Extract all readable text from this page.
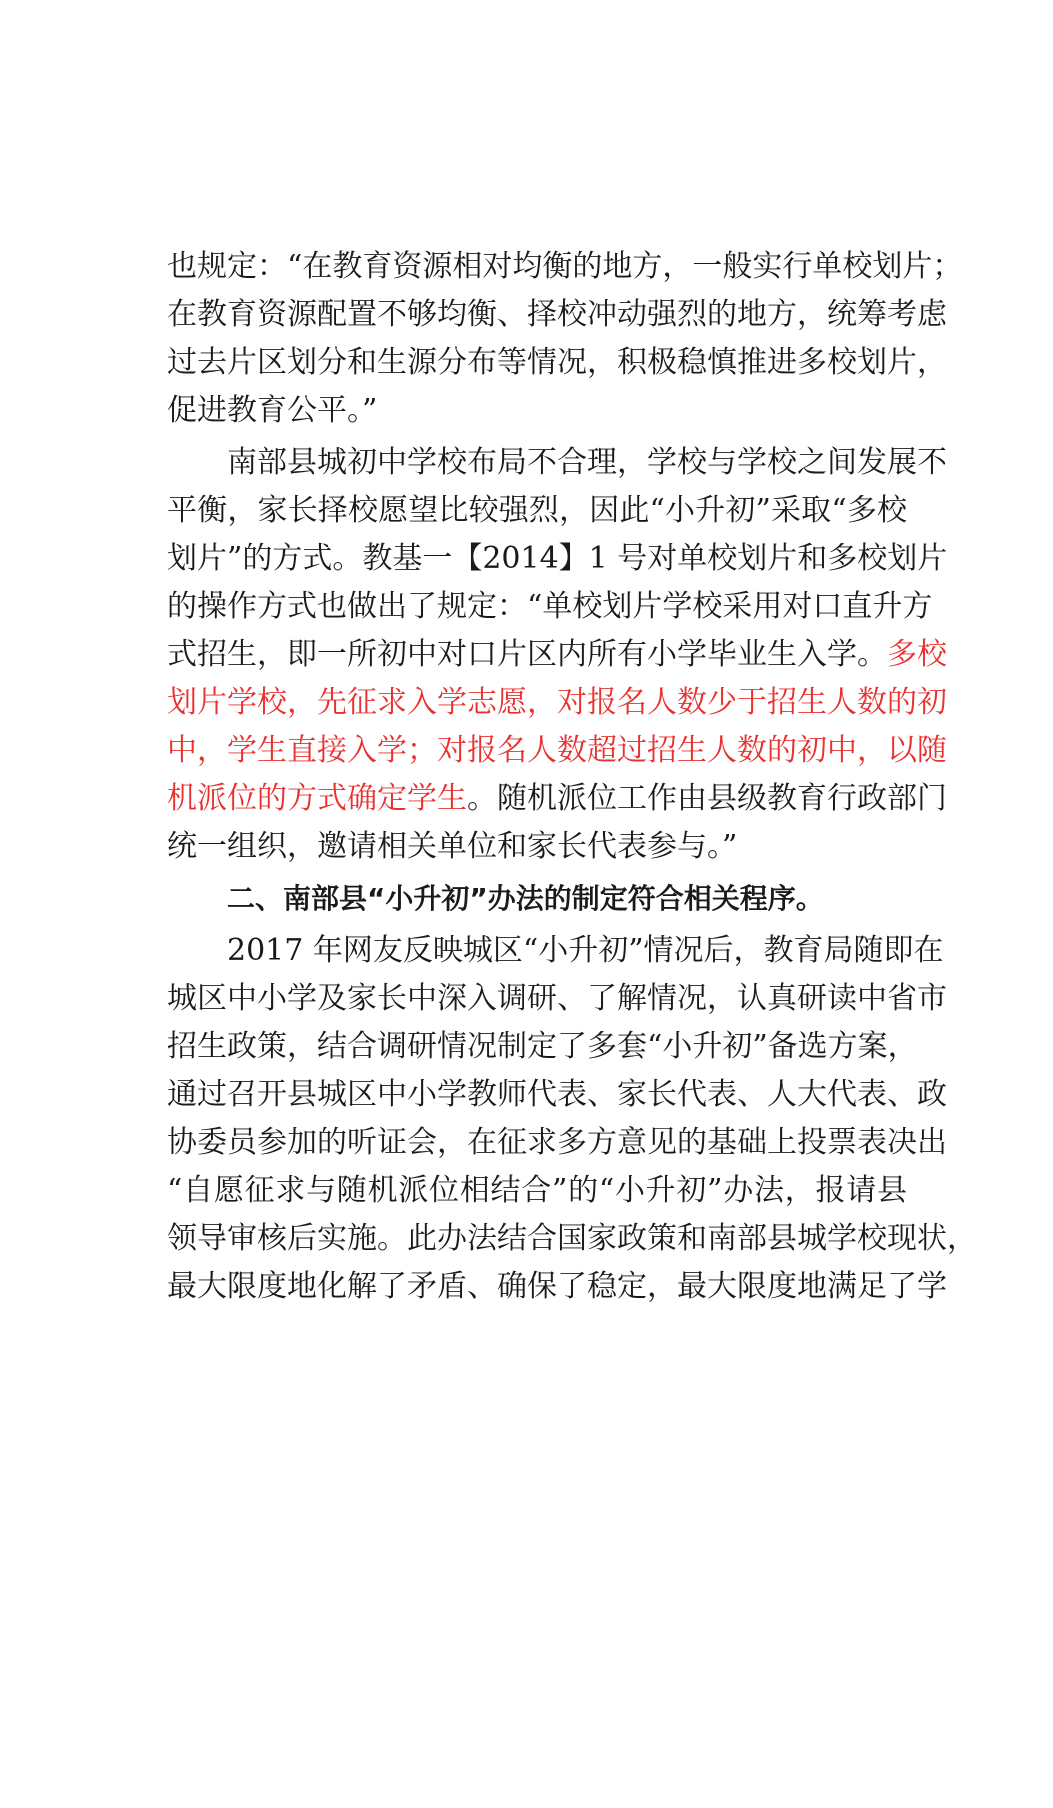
也规定：“在教育资源相对均衡的地方，一般实行单校划片；
在教育资源配置不够均衡、择校冲动强烈的地方，统筹考虑
过去片区划分和生源分布等情况，积极稳慎推进多校划片，
促进教育公平。”
南部县城初中学校布局不合理，学校与学校之间发展不
平衡，家长择校愿望比较强烈，因此“小升初”采取“多校
划片”的方式。教基一【2014】1 号对单校划片和多校划片
的操作方式也做出了规定：“单校划片学校采用对口直升方
式招生，即一所初中对口片区内所有小学毕业生入学。多校
划片学校，先征求入学志愿，对报名人数少于招生人数的初
中，学生直接入学；对报名人数超过招生人数的初中，以随
机派位的方式确定学生。随机派位工作由县级教育行政部门
统一组织，邀请相关单位和家长代表参与。”
二、南部县“小升初”办法的制定符合相关程序。
2017 年网友反映城区“小升初”情况后，教育局随即在
城区中小学及家长中深入调研、了解情况，认真研读中省市
招生政策，结合调研情况制定了多套“小升初”备选方案，
通过召开县城区中小学教师代表、家长代表、人大代表、政
协委员参加的听证会，在征求多方意见的基础上投票表决出
“自愿征求与随机派位相结合”的“小升初”办法，报请县
领导审核后实施。此办法结合国家政策和南部县城学校现状，
最大限度地化解了矛盾、确保了稳定，最大限度地满足了学
